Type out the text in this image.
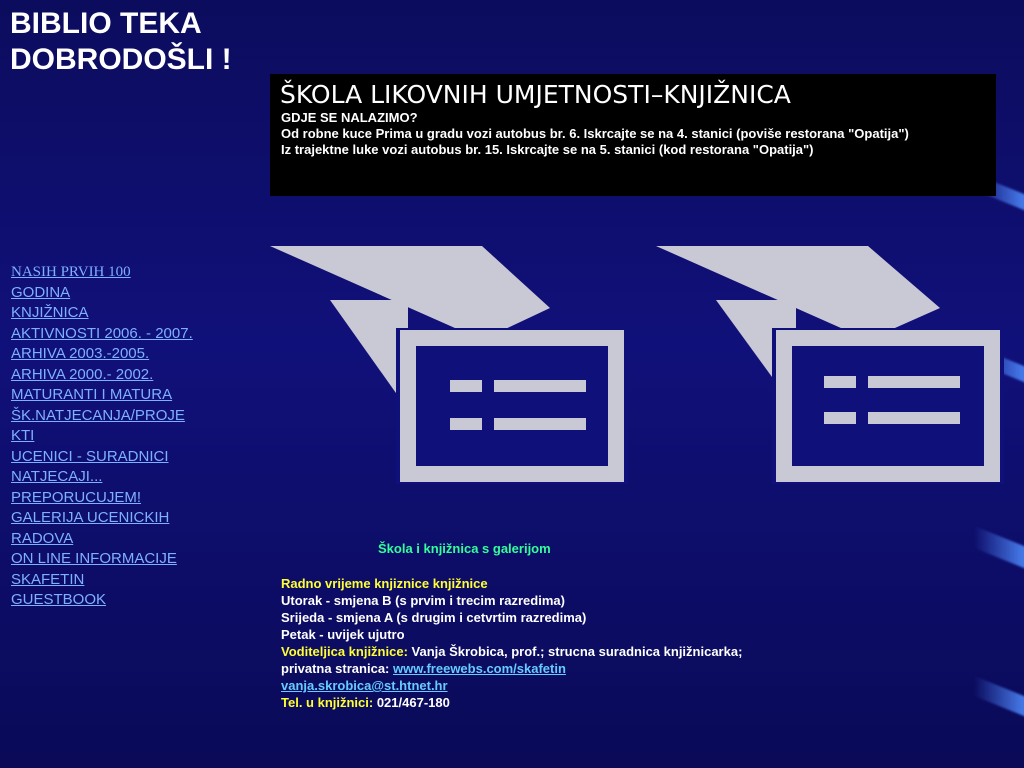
BIBLIO TEKA
DOBRODOŠLI !
ŠKOLA LIKOVNIH UMJETNOSTI–KNJIŽNICA
GDJE SE NALAZIMO?
Od robne kuce Prima u gradu vozi autobus br. 6. Iskrcajte se na 4. stanici (poviše restorana "Opatija")
Iz trajektne luke vozi autobus br. 15. Iskrcajte se na 5. stanici (kod restorana "Opatija")
NASIH PRVIH 100
GODINA
KNJIŽNICA
AKTIVNOSTI 2006. - 2007.
ARHIVA 2003.-2005.
ARHIVA 2000.- 2002.
MATURANTI I MATURA
ŠK.NATJECANJA/PROJE
KTI
UCENICI - SURADNICI
NATJECAJI...
PREPORUCUJEM!
GALERIJA UCENICKIH
RADOVA
ON LINE INFORMACIJE
SKAFETIN
GUESTBOOK
Škola i knjižnica s galerijom
Radno vrijeme knjiznice knjižnice
Utorak - smjena B (s prvim i trecim razredima)
Srijeda - smjena A (s drugim i cetvrtim razredima)
Petak - uvijek ujutro
Voditeljica knjižnice: Vanja Škrobica, prof.; strucna suradnica knjižnicarka;
privatna stranica: www.freewebs.com/skafetin
vanja.skrobica@st.htnet.hr
Tel. u knjižnici: 021/467-180
